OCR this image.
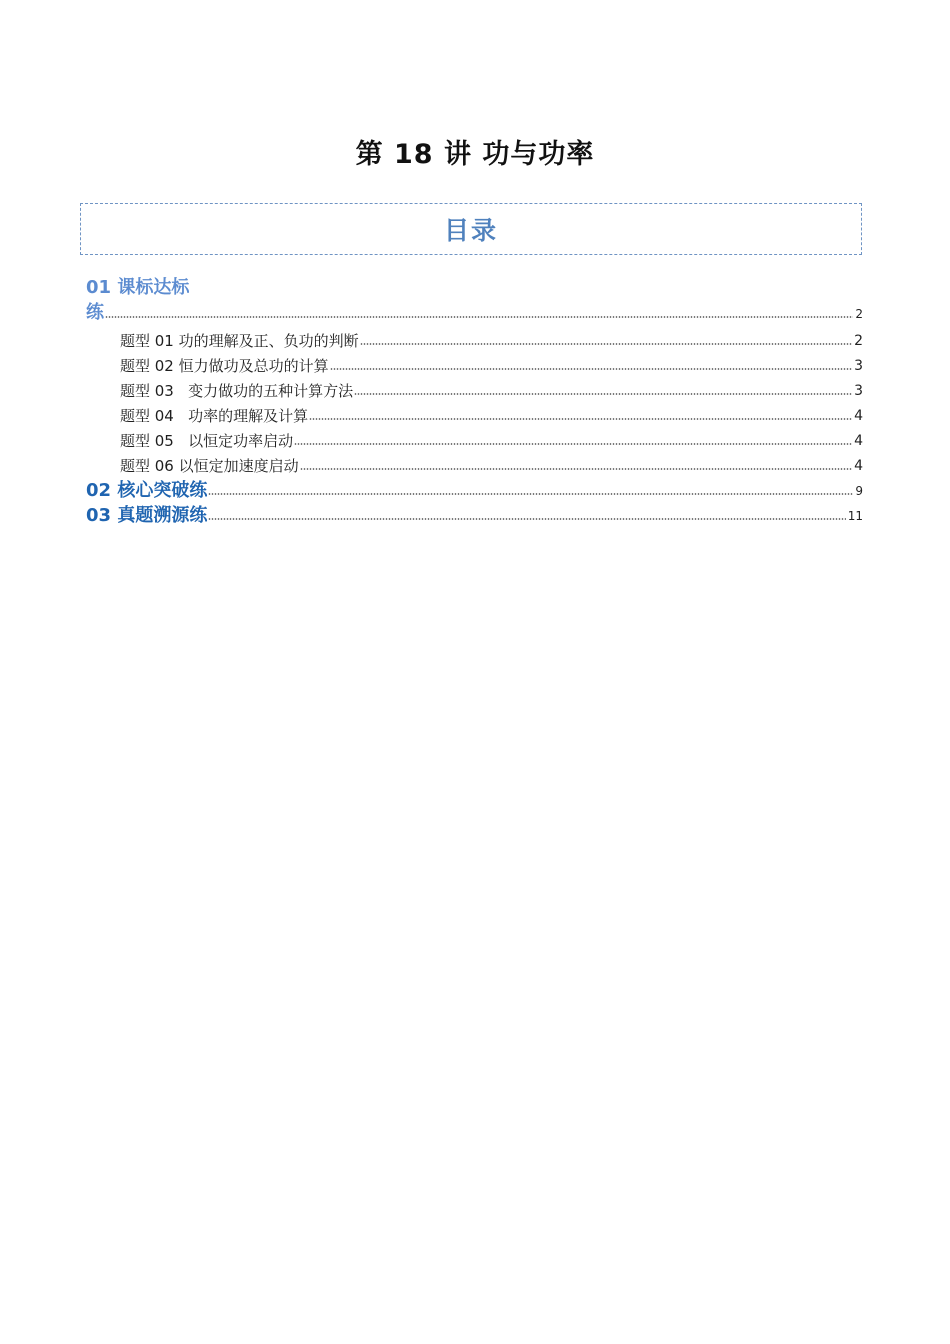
第 18 讲 功与功率
目录
01 课标达标
练	2
题型 01 功的理解及正、负功的判断	2
题型 02 恒力做功及总功的计算	3
题型 03   变力做功的五种计算方法	3
题型 04   功率的理解及计算	4
题型 05   以恒定功率启动	4
题型 06 以恒定加速度启动	4
02 核心突破练	9
03 真题溯源练	11
